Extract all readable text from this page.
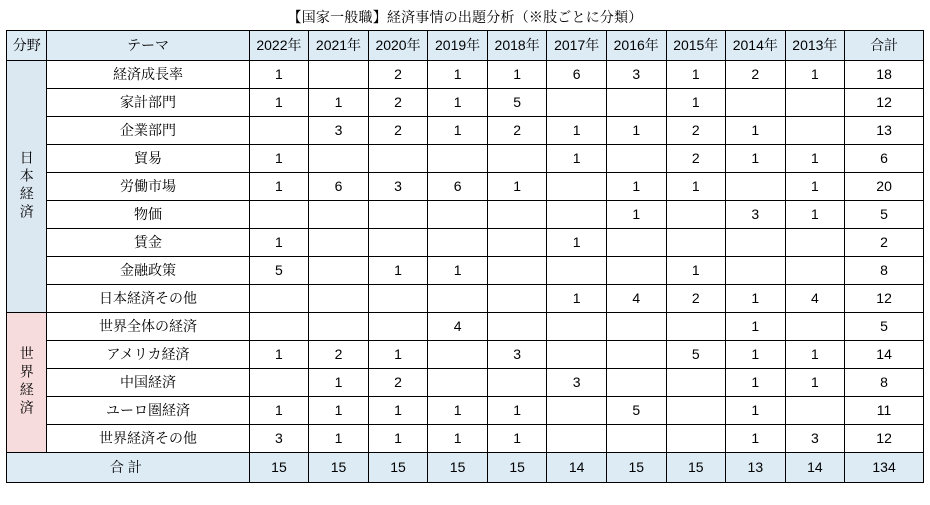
【国家一般職】経済事情の出題分析（※肢ごとに分類）												
分野	テーマ	2022年	2021年	2020年	2019年	2018年	2017年	2016年	2015年	2014年	2013年	合計
日本経済	経済成長率	1		2	1	1	6	3	1	2	1	18
	家計部門	1	1	2	1	5			1			12
	企業部門		3	2	1	2	1	1	2	1		13
	貿易	1					1		2	1	1	6
	労働市場	1	6	3	6	1		1	1		1	20
	物価							1		3	1	5
	賃金	1					1					2
	金融政策	5		1	1				1			8
	日本経済その他						1	4	2	1	4	12
世界経済	世界全体の経済				4					1		5
	アメリカ経済	1	2	1		3			5	1	1	14
	中国経済		1	2			3			1	1	8
	ユーロ圏経済	1	1	1	1	1		5		1		11
	世界経済その他	3	1	1	1	1				1	3	12
合計		15	15	15	15	15	14	15	15	13	14	134
